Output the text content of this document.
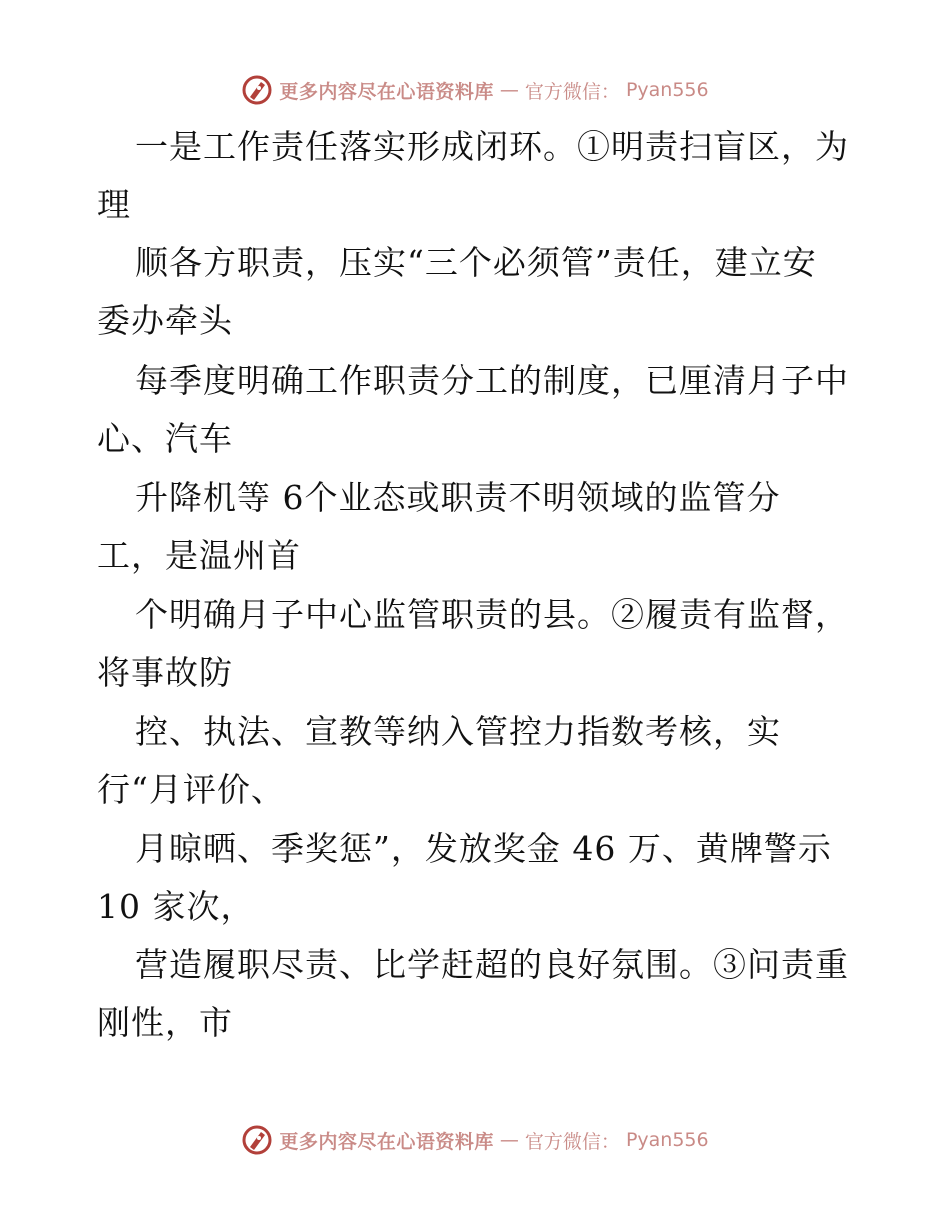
更多内容尽在心语资料库 — 官方微信： Pyan556
一是工作责任落实形成闭环。①明责扫盲区，为
理
顺各方职责，压实“三个必须管”责任，建立安
委办牵头
每季度明确工作职责分工的制度，已厘清月子中
心、汽车
升降机等 6个业态或职责不明领域的监管分
工，是温州首
个明确月子中心监管职责的县。②履责有监督，
将事故防
控、执法、宣教等纳入管控力指数考核，实
行“月评价、
月晾晒、季奖惩”，发放奖金 46 万、黄牌警示
10 家次，
营造履职尽责、比学赶超的良好氛围。③问责重
刚性，市
更多内容尽在心语资料库 — 官方微信： Pyan556
